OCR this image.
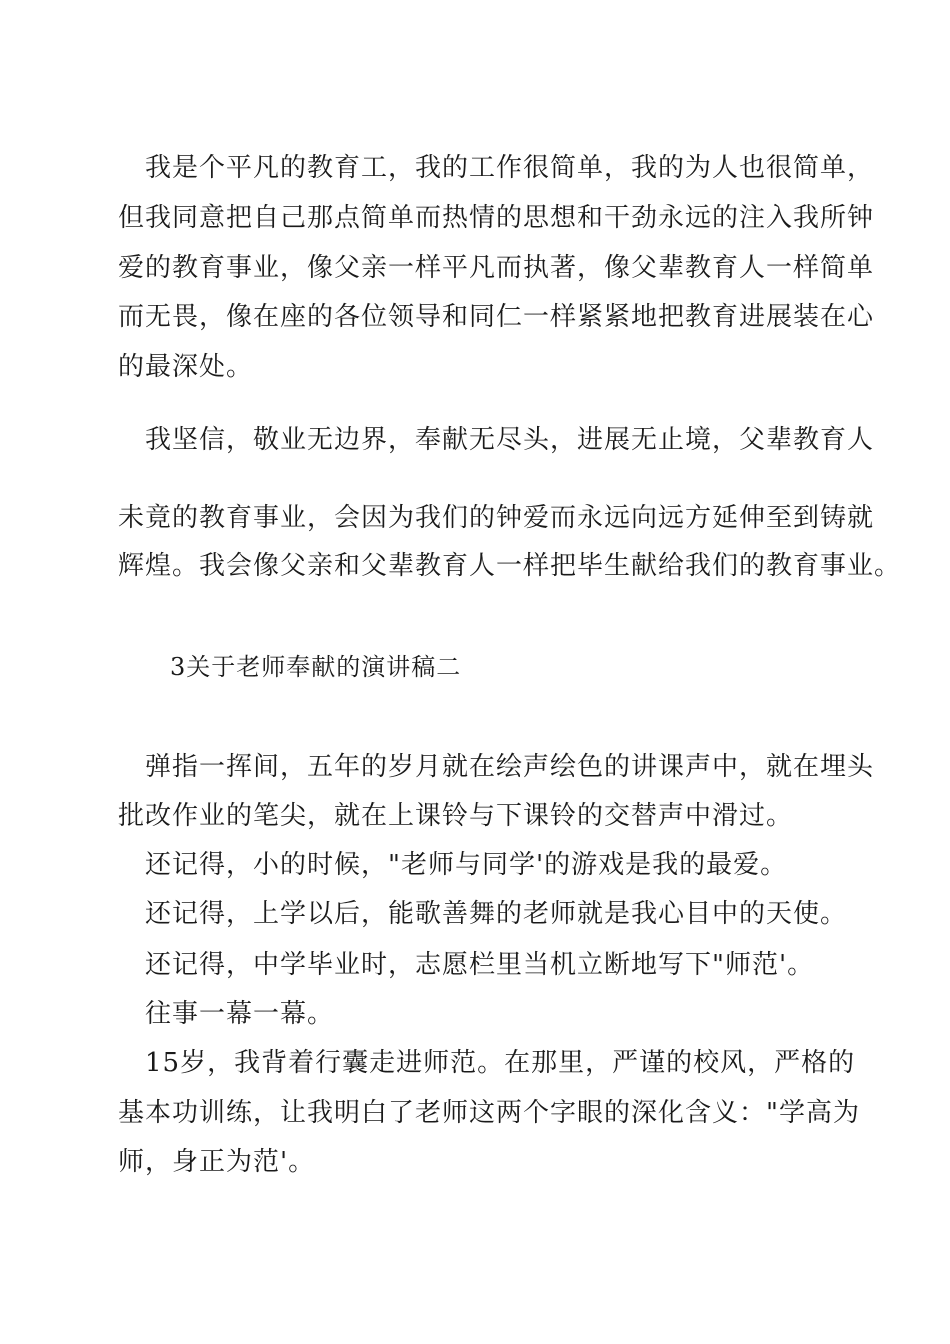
我是个平凡的教育工，我的工作很简单，我的为人也很简单，
但我同意把自己那点简单而热情的思想和干劲永远的注入我所钟
爱的教育事业，像父亲一样平凡而执著，像父辈教育人一样简单
而无畏，像在座的各位领导和同仁一样紧紧地把教育进展装在心
的最深处。
我坚信，敬业无边界，奉献无尽头，进展无止境，父辈教育人
未竟的教育事业，会因为我们的钟爱而永远向远方延伸至到铸就
辉煌。我会像父亲和父辈教育人一样把毕生献给我们的教育事业。
3关于老师奉献的演讲稿二
弹指一挥间，五年的岁月就在绘声绘色的讲课声中，就在埋头
批改作业的笔尖，就在上课铃与下课铃的交替声中滑过。
还记得，小的时候，"老师与同学'的游戏是我的最爱。
还记得，上学以后，能歌善舞的老师就是我心目中的天使。
还记得，中学毕业时，志愿栏里当机立断地写下"师范'。
往事一幕一幕。
15岁，我背着行囊走进师范。在那里，严谨的校风，严格的
基本功训练，让我明白了老师这两个字眼的深化含义："学高为
师，身正为范'。
